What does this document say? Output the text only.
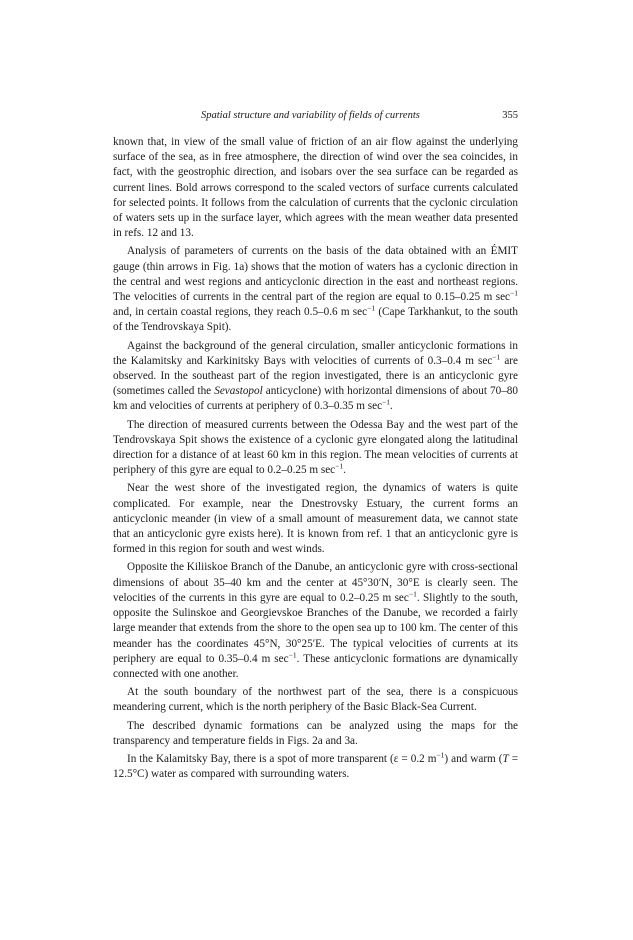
Spatial structure and variability of fields of currents	355

known that, in view of the small value of friction of an air flow against the underlying surface of the sea, as in free atmosphere, the direction of wind over the sea coincides, in fact, with the geostrophic direction, and isobars over the sea surface can be regarded as current lines. Bold arrows correspond to the scaled vectors of surface currents calculated for selected points. It follows from the calculation of currents that the cyclonic circulation of waters sets up in the surface layer, which agrees with the mean weather data presented in refs. 12 and 13.

Analysis of parameters of currents on the basis of the data obtained with an ÉMIT gauge (thin arrows in Fig. 1a) shows that the motion of waters has a cyclonic direction in the central and west regions and anticyclonic direction in the east and northeast regions. The velocities of currents in the central part of the region are equal to 0.15–0.25 m $\sec^{-1}$ and, in certain coastal regions, they reach 0.5–0.6 m $\sec^{-1}$ (Cape Tarkhankut, to the south of the Tendrovskaya Spit).

Against the background of the general circulation, smaller anticyclonic formations in the Kalamitsky and Karkinitsky Bays with velocities of currents of 0.3–0.4 m $\sec^{-1}$ are observed. In the southeast part of the region investigated, there is an anticyclonic gyre (sometimes called the Sevastopol anticyclone) with horizontal dimensions of about 70–80 km and velocities of currents at periphery of 0.3–0.35 m $\sec^{-1}$.

The direction of measured currents between the Odessa Bay and the west part of the Tendrovskaya Spit shows the existence of a cyclonic gyre elongated along the latitudinal direction for a distance of at least 60 km in this region. The mean velocities of currents at periphery of this gyre are equal to 0.2–0.25 m $\sec^{-1}$.

Near the west shore of the investigated region, the dynamics of waters is quite complicated. For example, near the Dnestrovsky Estuary, the current forms an anticyclonic meander (in view of a small amount of measurement data, we cannot state that an anticyclonic gyre exists here). It is known from ref. 1 that an anticyclonic gyre is formed in this region for south and west winds.

Opposite the Kiliiskoe Branch of the Danube, an anticyclonic gyre with cross-sectional dimensions of about 35–40 km and the center at 45°30′N, 30°E is clearly seen. The velocities of the currents in this gyre are equal to 0.2–0.25 m $\sec^{-1}$. Slightly to the south, opposite the Sulinskoe and Georgievskoe Branches of the Danube, we recorded a fairly large meander that extends from the shore to the open sea up to 100 km. The center of this meander has the coordinates 45°N, 30°25′E. The typical velocities of currents at its periphery are equal to 0.35–0.4 m $\sec^{-1}$. These anticyclonic formations are dynamically connected with one another.

At the south boundary of the northwest part of the sea, there is a conspicuous meandering current, which is the north periphery of the Basic Black-Sea Current.

The described dynamic formations can be analyzed using the maps for the transparency and temperature fields in Figs. 2a and 3a.

In the Kalamitsky Bay, there is a spot of more transparent (ε = 0.2 $m^{-1}$) and warm (T = 12.5°C) water as compared with surrounding waters.
